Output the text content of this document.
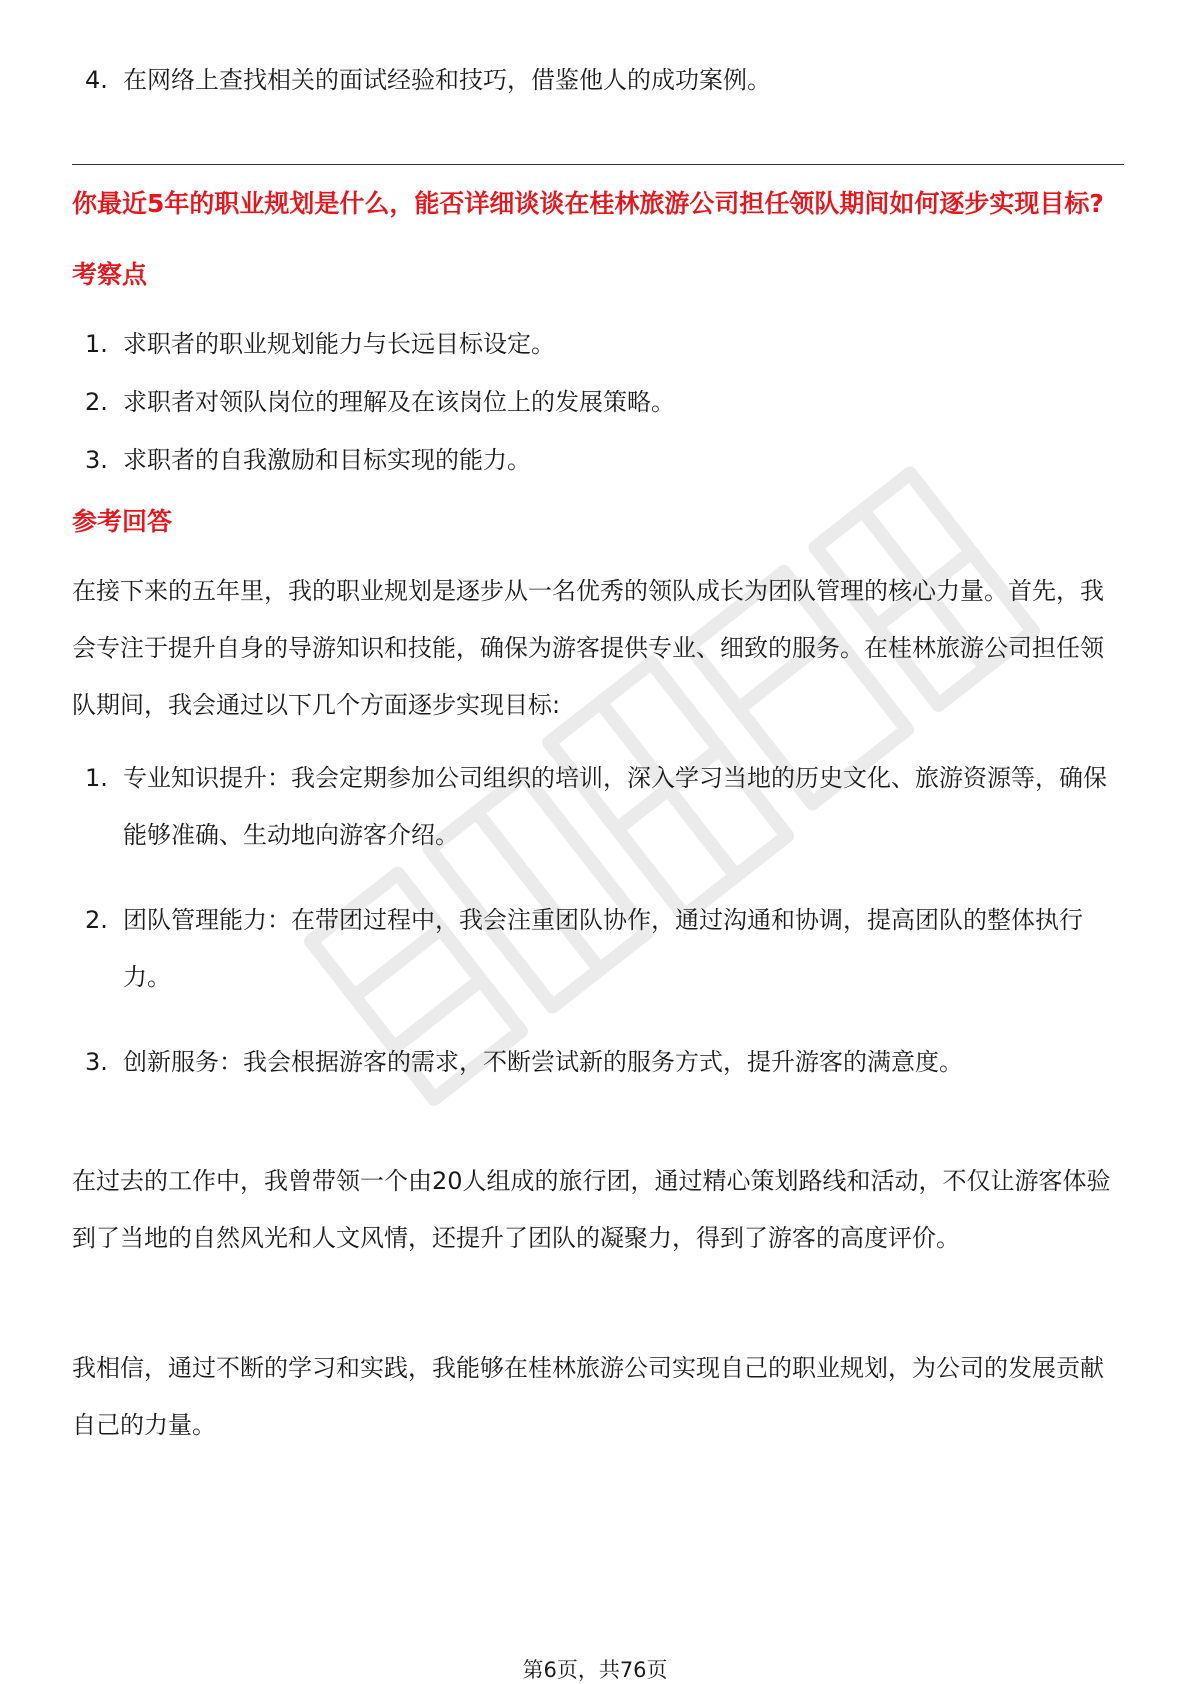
4. 在网络上查找相关的面试经验和技巧，借鉴他人的成功案例。
你最近5年的职业规划是什么，能否详细谈谈在桂林旅游公司担任领队期间如何逐步实现目标?
考察点
1. 求职者的职业规划能力与长远目标设定。
2. 求职者对领队岗位的理解及在该岗位上的发展策略。
3. 求职者的自我激励和目标实现的能力。
参考回答

在接下来的五年里，我的职业规划是逐步从一名优秀的领队成长为团队管理的核心力量。首先，我会专注于提升自身的导游知识和技能，确保为游客提供专业、细致的服务。在桂林旅游公司担任领队期间，我会通过以下几个方面逐步实现目标:

1. 专业知识提升：我会定期参加公司组织的培训，深入学习当地的历史文化、旅游资源等，确保能够准确、生动地向游客介绍。
2. 团队管理能力：在带团过程中，我会注重团队协作，通过沟通和协调，提高团队的整体执行力。
3. 创新服务：我会根据游客的需求，不断尝试新的服务方式，提升游客的满意度。

在过去的工作中，我曾带领一个由20人组成的旅行团，通过精心策划路线和活动，不仅让游客体验到了当地的自然风光和人文风情，还提升了团队的凝聚力，得到了游客的高度评价。

我相信，通过不断的学习和实践，我能够在桂林旅游公司实现自己的职业规划，为公司的发展贡献自己的力量。

第6页，共76页
